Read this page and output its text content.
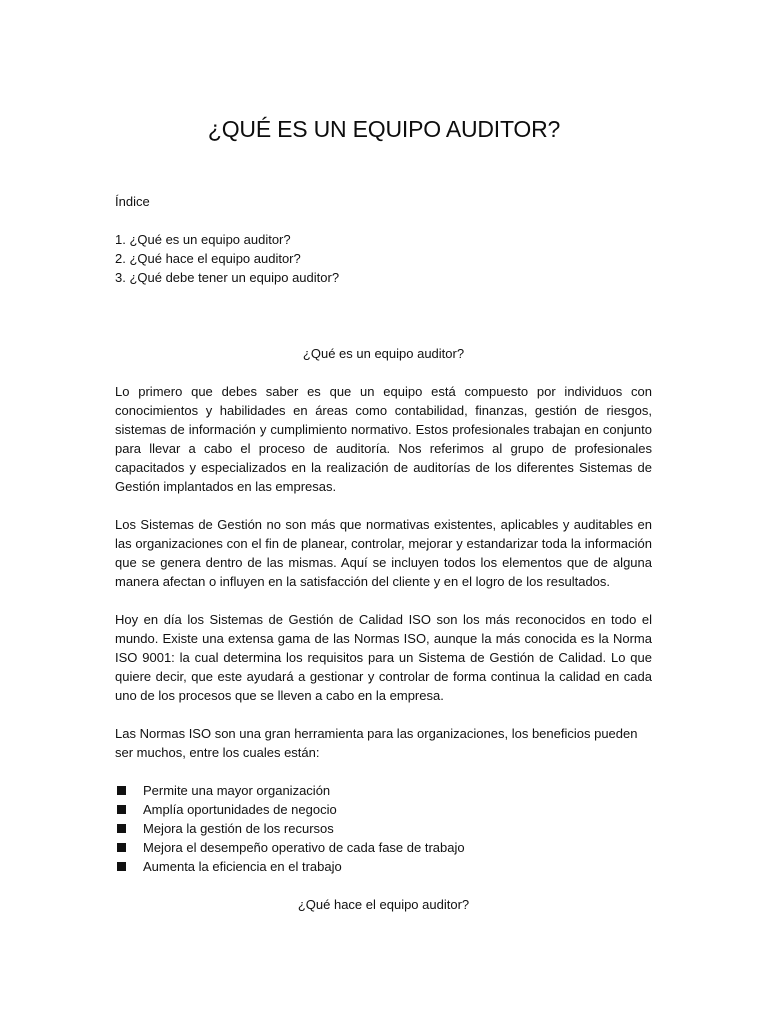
¿QUÉ ES UN EQUIPO AUDITOR?
Índice
1. ¿Qué es un equipo auditor?
2. ¿Qué hace el equipo auditor?
3. ¿Qué debe tener un equipo auditor?
¿Qué es un equipo auditor?

Lo primero que debes saber es que un equipo está compuesto por individuos con conocimientos y habilidades en áreas como contabilidad, finanzas, gestión de riesgos, sistemas de información y cumplimiento normativo. Estos profesionales trabajan en conjunto para llevar a cabo el proceso de auditoría. Nos referimos al grupo de profesionales capacitados y especializados en la realización de auditorías de los diferentes Sistemas de Gestión implantados en las empresas.

Los Sistemas de Gestión no son más que normativas existentes, aplicables y auditables en las organizaciones con el fin de planear, controlar, mejorar y estandarizar toda la información que se genera dentro de las mismas. Aquí se incluyen todos los elementos que de alguna manera afectan o influyen en la satisfacción del cliente y en el logro de los resultados.

Hoy en día los Sistemas de Gestión de Calidad ISO son los más reconocidos en todo el mundo. Existe una extensa gama de las Normas ISO, aunque la más conocida es la Norma ISO 9001: la cual determina los requisitos para un Sistema de Gestión de Calidad. Lo que quiere decir, que este ayudará a gestionar y controlar de forma continua la calidad en cada uno de los procesos que se lleven a cabo en la empresa.

Las Normas ISO son una gran herramienta para las organizaciones, los beneficios pueden ser muchos, entre los cuales están:

Permite una mayor organización
Amplía oportunidades de negocio
Mejora la gestión de los recursos
Mejora el desempeño operativo de cada fase de trabajo
Aumenta la eficiencia en el trabajo
¿Qué hace el equipo auditor?
